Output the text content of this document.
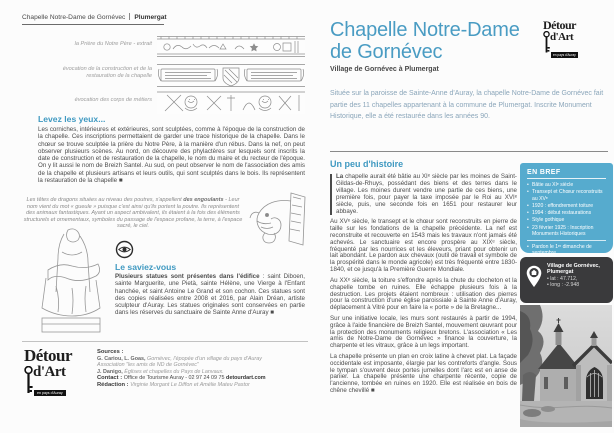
Chapelle Notre-Dame de Gornévec Plumergat
la Prière du Notre Père - extrait
évocation de la construction et de la restauration de la chapelle
évocation des corps de métiers
Levez les yeux...
Les corniches, intérieures et extérieures, sont sculptées, comme à l'époque de la construction de la chapelle. Ces inscriptions permettaient de garder une trace historique de la chapelle. Dans le chœur se trouve sculptée la prière du Notre Père, à la manière d'un rébus. Dans la nef, on peut observer plusieurs scènes. Au nord, on découvre des phylactères sur lesquels sont inscrits la date de construction et de restauration de la chapelle, le nom du maire et du recteur de l'époque. On y lit aussi le nom de Breizh Santel. Au sud, on peut observer le nom de l'association des amis de la chapelle et plusieurs artisans et leurs outils, qui sont sculptés dans le bois. Ils représentent la restauration de la chapelle ■
Les têtes de dragons situées au niveau des poutres, s'appellent des engoulants - Leur nom vient du mot « gueule » puisque c'est ainsi qu'ils portent la poutre. Ils représentent des animaux fantastiques. Ayant un aspect ambivalent, ils étaient à la fois des éléments structurels et ornementaux, symboles du passage de l'espace profane, la terre, à l'espace sacré, le ciel.
Le saviez-vous
Plusieurs statues sont présentes dans l'édifice : saint Diboen, sainte Marguerite, une Pietà, sainte Hélène, une Vierge à l'Enfant hanchée, et saint Antoine Le Grand et son cochon. Ces statues sont des copies réalisées entre 2008 et 2016, par Alain Dréan, artiste sculpteur d'Auray. Les statues originales sont conservées en partie dans les réserves du sanctuaire de Sainte Anne d'Auray ■
Détour
d'Art
en pays d'Auray
Sources :
G. Cariou, L. Goas, Gornévec, l'épopée d'un village du pays d'Auray
Association "les amis de ND de Gornévec"
J. Danigo, Églises et chapelles du Pays de Lanvaux.
Contact : Office de Tourisme Auray - 02 97 24 09 75 detourdart.com
Rédaction : Virginie Morgant Le Diffon et Amélie Mateu Pastor
Chapelle Notre-Dame de Gornévec
Village de Gornévec à Plumergat
Détour
d'Art
en pays d'Auray
Située sur la paroisse de Sainte-Anne d'Auray, la chapelle Notre-Dame de Gornévec fait partie des 11 chapelles appartenant à la commune de Plumergat. Inscrite Monument Historique, elle a été restaurée dans les années 90.
Un peu d'histoire

La chapelle aurait été bâtie au XIᵉ siècle par les moines de Saint-Gildas-de-Rhuys, possédant des biens et des terres dans le village. Les moines durent vendre une partie de ces biens, une première fois, pour payer la taxe imposée par le Roi au XVIᵉ siècle, puis, une seconde fois en 1651 pour restaurer leur abbaye.

Au XVᵉ siècle, le transept et le chœur sont reconstruits en pierre de taille sur les fondations de la chapelle précédente. La nef est reconstruite et recouverte en 1543 mais les travaux n'ont jamais été achevés. Le sanctuaire est encore prospère au XIXᵉ siècle, fréquenté par les nourrices et les éleveurs, priant pour obtenir un lait abondant. Le pardon aux chevaux (outil de travail et symbole de la prospérité dans le monde agricole) est très fréquenté entre 1830-1840, et ce jusqu'à la Première Guerre Mondiale.

Au XXᵉ siècle, la toiture s'effondre après la chute du clocheton et la chapelle tombe en ruines. Elle échappe plusieurs fois à la destruction. Les projets étaient nombreux : utilisation des pierres pour la construction d'une église paroissiale à Sainte Anne d'Auray, déplacement à Vitré pour en faire la « porte » de la Bretagne...

Sur une initiative locale, les murs sont restaurés à partir de 1994, grâce à l'aide financière de Breizh Santel, mouvement œuvrant pour la protection des monuments religieux bretons. L'association « Les amis de Notre-Dame de Gornévec » finance la couverture, la charpente et les vitraux, grâce à un legs important.

La chapelle présente un plan en croix latine à chevet plat. La façade occidentale est imposante, élargie par les contreforts d'angle. Sous le tympan s'ouvrent deux portes jumelles dont l'arc est en anse de panier. La chapelle présente une charpente récente, copie de l'ancienne, tombée en ruines en 1920. Elle est réalisée en bois de chêne chevillé ■

EN BREF
• Bâtie au XIᵉ siècle
• Transept et Chœur reconstruits au XVᵉ
• 1920 : effondrement toiture
• 1994 : début restaurations
• Style gothique
• 23 février 1925 : Inscription Monuments Historiques
• Pardon le 1ᵉʳ dimanche de septembre
Village de Gornévec, Plumergat
• lat : 47.712,
• long : -2.948
